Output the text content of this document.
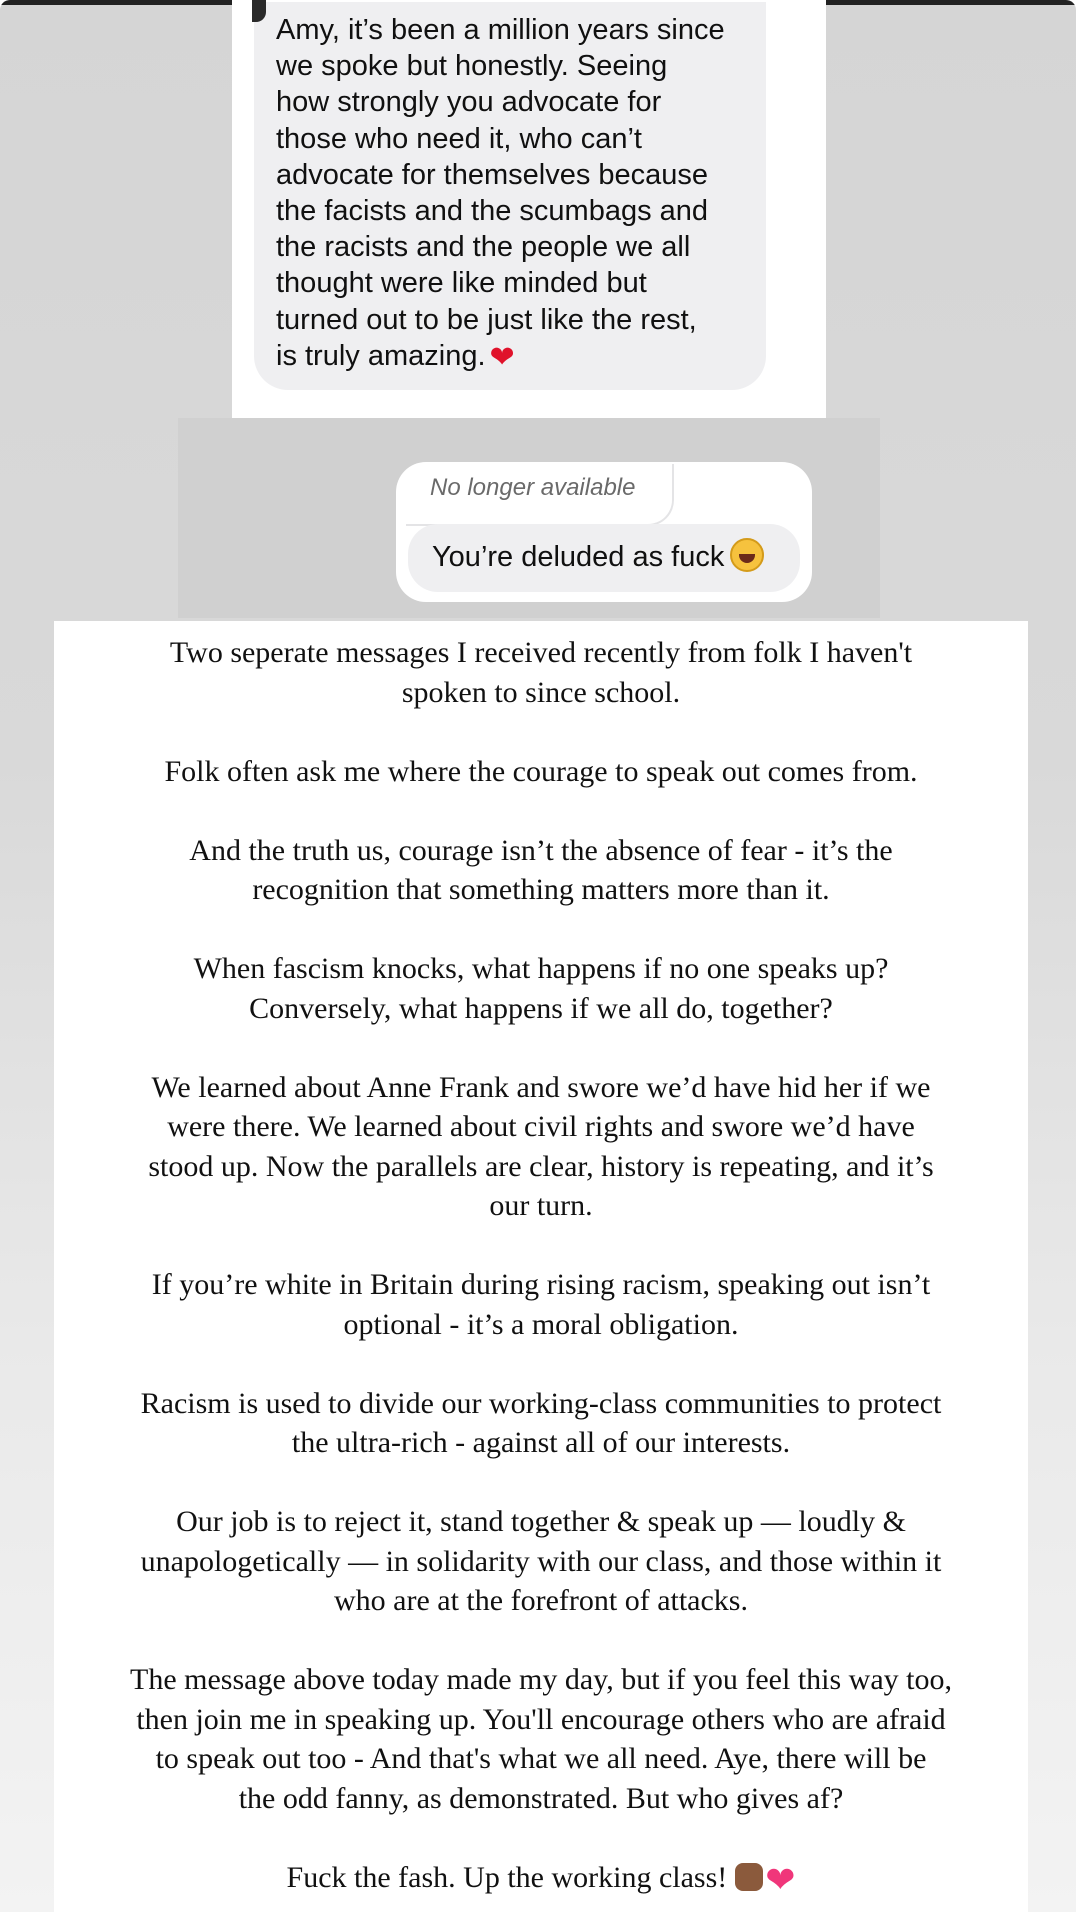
Amy, it’s been a million years since
we spoke but honestly. Seeing
how strongly you advocate for
those who need it, who can’t
advocate for themselves because
the facists and the scumbags and
the racists and the people we all
thought were like minded but
turned out to be just like the rest,
is truly amazing. ❤
No longer available
You’re deluded as fuck

Two seperate messages I received recently from folk I haven't
spoken to since school.

Folk often ask me where the courage to speak out comes from.

And the truth us, courage isn’t the absence of fear - it’s the
recognition that something matters more than it.

When fascism knocks, what happens if no one speaks up?
Conversely, what happens if we all do, together?

We learned about Anne Frank and swore we’d have hid her if we
were there. We learned about civil rights and swore we’d have
stood up. Now the parallels are clear, history is repeating, and it’s
our turn.

If you’re white in Britain during rising racism, speaking out isn’t
optional - it’s a moral obligation.

Racism is used to divide our working-class communities to protect
the ultra-rich - against all of our interests.

Our job is to reject it, stand together & speak up — loudly &
unapologetically — in solidarity with our class, and those within it
who are at the forefront of attacks.

The message above today made my day, but if you feel this way too,
then join me in speaking up. You'll encourage others who are afraid
to speak out too - And that's what we all need. Aye, there will be
the odd fanny, as demonstrated. But who gives af?

Fuck the fash. Up the working class! ❤
